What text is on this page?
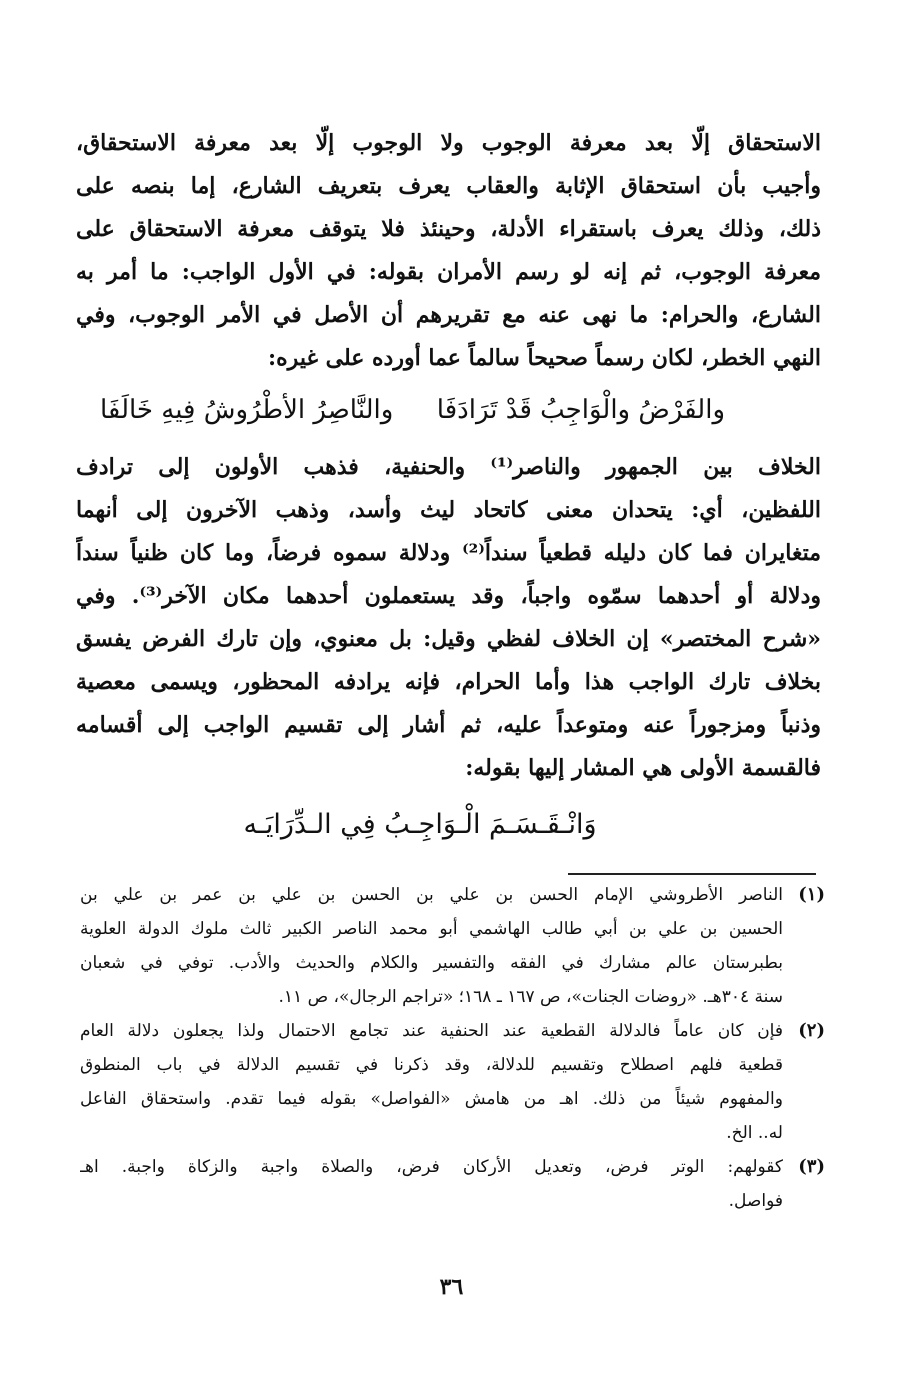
الاستحقاق إلّا بعد معرفة الوجوب ولا الوجوب إلّا بعد معرفة الاستحقاق،
وأجيب بأن استحقاق الإثابة والعقاب يعرف بتعريف الشارع، إما بنصه على
ذلك، وذلك يعرف باستقراء الأدلة، وحينئذ فلا يتوقف معرفة الاستحقاق على
معرفة الوجوب، ثم إنه لو رسم الأمران بقوله: في الأول الواجب: ما أمر به
الشارع، والحرام: ما نهى عنه مع تقريرهم أن الأصل في الأمر الوجوب، وفي
النهي الخطر، لكان رسماً صحيحاً سالماً عما أورده على غيره:
والفَرْضُ والْوَاجِبُ قَدْ تَرَادَفَا
والنَّاصِرُ الأطْرُوشُ فِيهِ خَالَفَا
الخلاف بين الجمهور والناصر⁽¹⁾ والحنفية، فذهب الأولون إلى ترادف
اللفظين، أي: يتحدان معنى كاتحاد ليث وأسد، وذهب الآخرون إلى أنهما
متغايران فما كان دليله قطعياً سنداً⁽²⁾ ودلالة سموه فرضاً، وما كان ظنياً سنداً
ودلالة أو أحدهما سمّوه واجباً، وقد يستعملون أحدهما مكان الآخر⁽³⁾. وفي
«شرح المختصر» إن الخلاف لفظي وقيل: بل معنوي، وإن تارك الفرض يفسق
بخلاف تارك الواجب هذا وأما الحرام، فإنه يرادفه المحظور، ويسمى معصية
وذنباً ومزجوراً عنه ومتوعداً عليه، ثم أشار إلى تقسيم الواجب إلى أقسامه
فالقسمة الأولى هي المشار إليها بقوله:
وَانْـقَـسَـمَ الْـوَاجِـبُ فِي الـدِّرَايَـه
(١)
الناصر الأطروشي الإمام الحسن بن علي بن الحسن بن علي بن عمر بن علي بن
الحسين بن علي بن أبي طالب الهاشمي أبو محمد الناصر الكبير ثالث ملوك الدولة العلوية
بطبرستان عالم مشارك في الفقه والتفسير والكلام والحديث والأدب. توفي في شعبان
سنة ٣٠٤هـ. «روضات الجنات»، ص ١٦٧ ـ ١٦٨؛ «تراجم الرجال»، ص ١١.
(٢)
فإن كان عاماً فالدلالة القطعية عند الحنفية عند تجامع الاحتمال ولذا يجعلون دلالة العام
قطعية فلهم اصطلاح وتقسيم للدلالة، وقد ذكرنا في تقسيم الدلالة في باب المنطوق
والمفهوم شيئاً من ذلك. اهـ من هامش «الفواصل» بقوله فيما تقدم. واستحقاق الفاعل
له.. الخ.
(٣)
كقولهم: الوتر فرض، وتعديل الأركان فرض، والصلاة واجبة والزكاة واجبة. اهـ
فواصل.
٣٦
